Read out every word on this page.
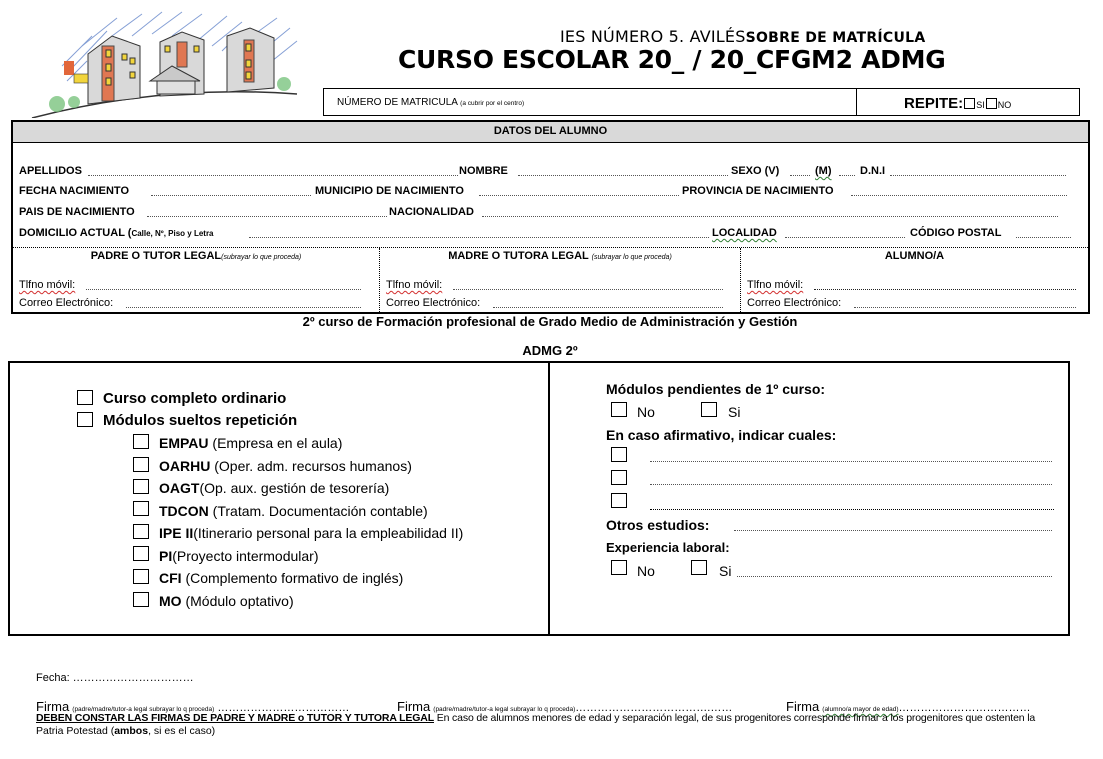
IES NÚMERO 5. AVILÉSSOBRE DE MATRÍCULA
CURSO ESCOLAR 20_ / 20_CFGM2 ADMG
NÚMERO DE MATRICULA (a cubrir por el centro)	REPITE: SI NO
DATOS DEL ALUMNO
APELLIDOS	NOMBRE	SEXO (V)	(M)	D.N.I
FECHA NACIMIENTO	MUNICIPIO DE NACIMIENTO	PROVINCIA DE NACIMIENTO
PAIS DE NACIMIENTO	NACIONALIDAD
DOMICILIO ACTUAL (Calle, Nº, Piso y Letra	LOCALIDAD	CÓDIGO POSTAL
PADRE O TUTOR LEGAL(subrayar lo que proceda)
Tlfno móvil:
Correo Electrónico:
MADRE O TUTORA LEGAL (subrayar lo que proceda)
Tlfno móvil:
Correo Electrónico:
ALUMNO/A
Tlfno móvil:
Correo Electrónico:
2º curso de Formación profesional de Grado Medio de Administración y Gestión
ADMG 2º
Curso completo ordinario
Módulos sueltos repetición
EMPAU (Empresa en el aula)
OARHU (Oper. adm. recursos humanos)
OAGT(Op. aux. gestión de tesorería)
TDCON (Tratam. Documentación contable)
IPE II(Itinerario personal para la empleabilidad II)
PI(Proyecto intermodular)
CFI (Complemento formativo de inglés)
MO (Módulo optativo)
Módulos pendientes de 1º curso:
No	Si
En caso afirmativo, indicar cuales:
Otros estudios:
Experiencia laboral:
No	Si
Fecha: ……………………………
Firma (padre/madre/tutor-a legal subrayar lo q proceda) ………………………………	Firma (padre/madre/tutor-a legal subrayar lo q proceda)……………………………….……	Firma (alumno/a mayor de edad)………………………………
DEBEN CONSTAR LAS FIRMAS DE PADRE Y MADRE o TUTOR Y TUTORA LEGAL En caso de alumnos menores de edad y separación legal, de sus progenitores corresponde firmar a los progenitores que ostenten la
Patria Potestad (ambos, si es el caso)
